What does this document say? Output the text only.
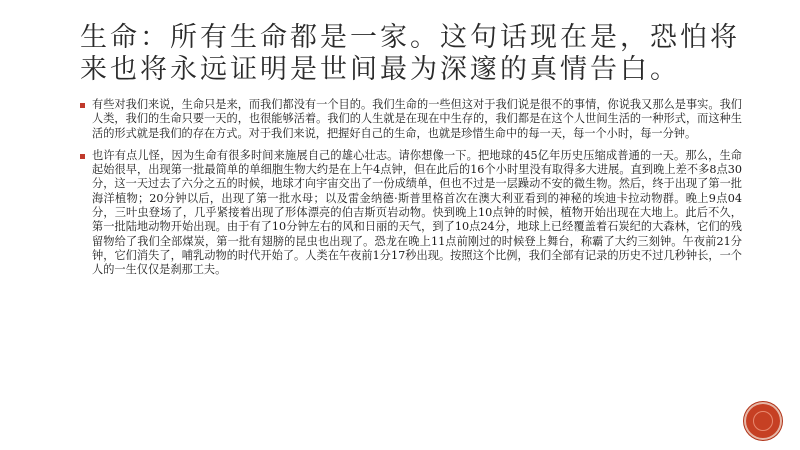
生命：所有生命都是一家。这句话现在是，恐怕将来也将永远证明是世间最为深邃的真情告白。
有些对我们来说，生命只是来，而我们都没有一个目的。我们生命的一些但这对于我们说是很不的事情，你说我又那么是事实。我们人类，我们的生命只要一天的，也很能够活着。我们的人生就是在现在中生存的，我们都是在这个人世间生活的一种形式，而这种生活的形式就是我们的存在方式。对于我们来说，把握好自己的生命，也就是珍惜生命中的每一天，每一个小时，每一分钟。
也许有点儿怪，因为生命有很多时间来施展自己的雄心壮志。请你想像一下。把地球的45亿年历史压缩成普通的一天。那么，生命起始很早，出现第一批最简单的单细胞生物大约是在上午4点钟，但在此后的16个小时里没有取得多大进展。直到晚上差不多8点30分，这一天过去了六分之五的时候，地球才向宇宙交出了一份成绩单，但也不过是一层躁动不安的微生物。然后，终于出现了第一批海洋植物；20分钟以后，出现了第一批水母；以及雷金纳德·斯普里格首次在澳大利亚看到的神秘的埃迪卡拉动物群。晚上9点04分，三叶虫登场了，几乎紧接着出现了形体漂亮的伯吉斯页岩动物。快到晚上10点钟的时候，植物开始出现在大地上。此后不久，第一批陆地动物开始出现。由于有了10分钟左右的风和日丽的天气，到了10点24分，地球上已经覆盖着石炭纪的大森林，它们的残留物给了我们全部煤炭，第一批有翅膀的昆虫也出现了。恐龙在晚上11点前刚过的时候登上舞台，称霸了大约三刻钟。午夜前21分钟，它们消失了，哺乳动物的时代开始了。人类在午夜前1分17秒出现。按照这个比例，我们全部有记录的历史不过几秒钟长，一个人的一生仅仅是刹那工夫。
